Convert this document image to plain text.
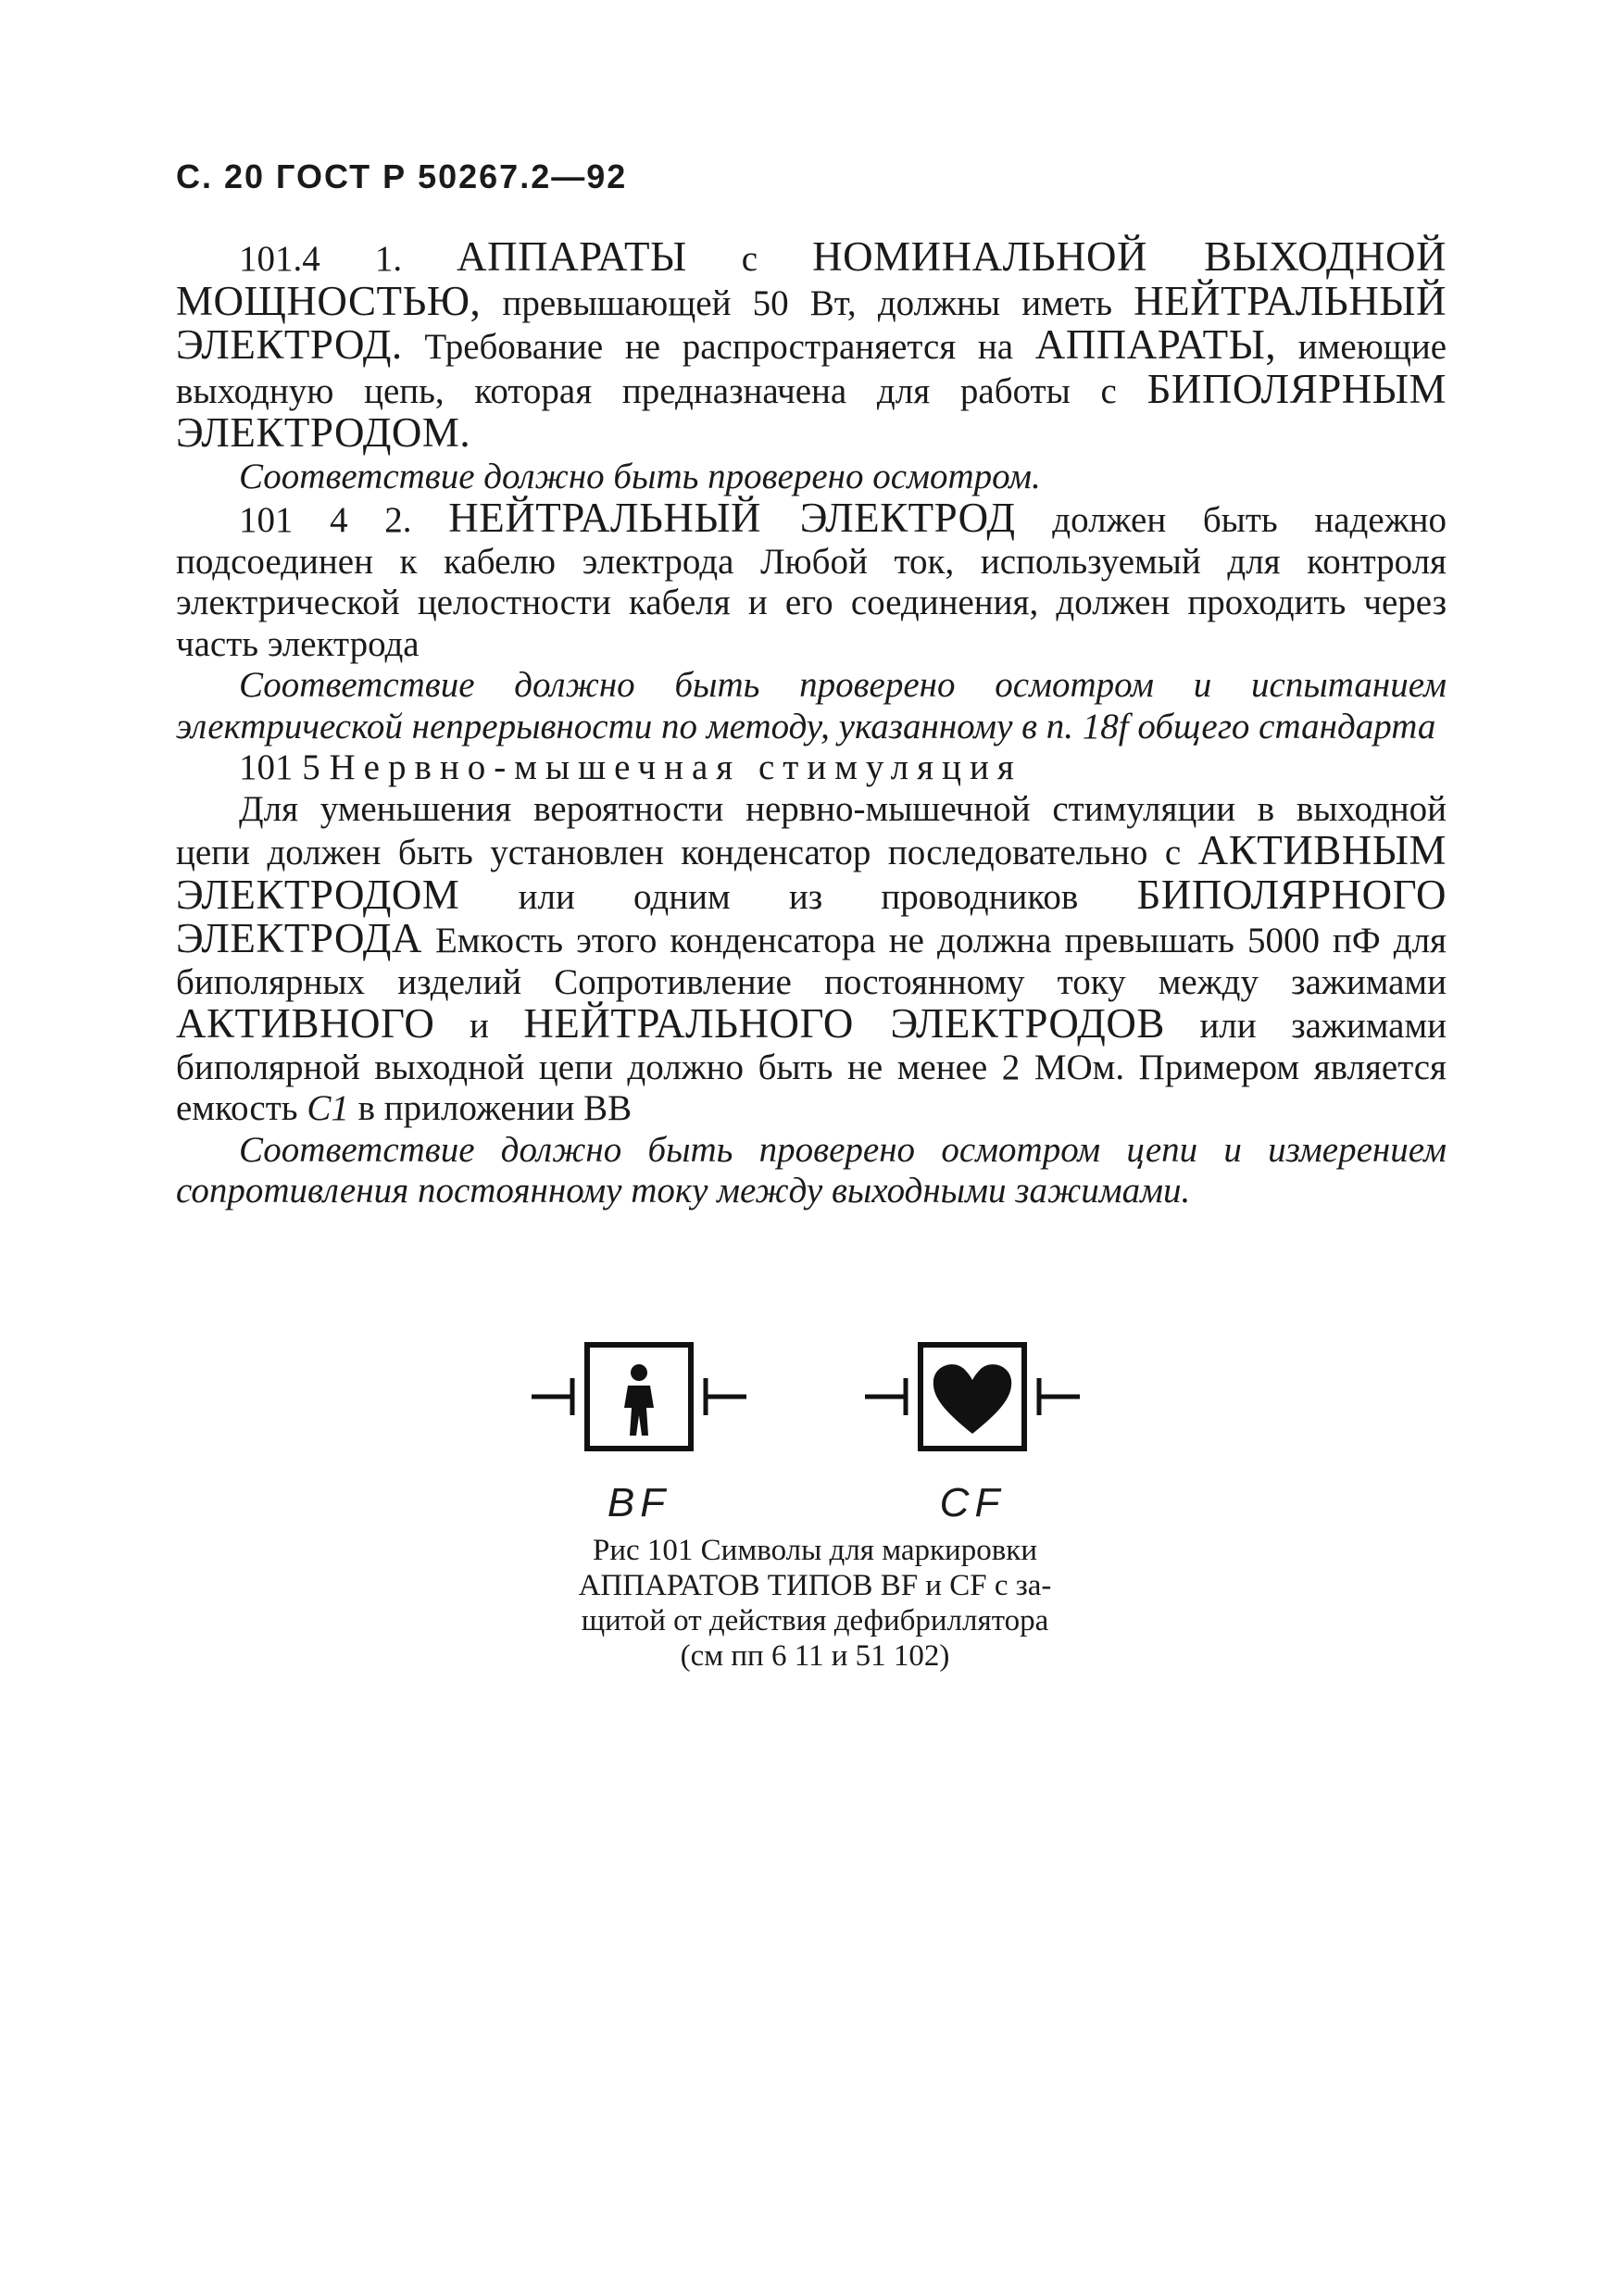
С. 20 ГОСТ Р 50267.2—92

101.4 1. АППАРАТЫ с НОМИНАЛЬНОЙ ВЫХОДНОЙ МОЩНОСТЬЮ, превышающей 50 Вт, должны иметь НЕЙТРАЛЬНЫЙ ЭЛЕКТРОД. Требование не распространяется на АППАРАТЫ, имеющие выходную цепь, которая предназначена для работы с БИПОЛЯРНЫМ ЭЛЕКТРОДОМ.

Соответствие должно быть проверено осмотром.

101 4 2. НЕЙТРАЛЬНЫЙ ЭЛЕКТРОД должен быть надежно подсоединен к кабелю электрода Любой ток, используемый для контроля электрической целостности кабеля и его соединения, должен проходить через часть электрода

Соответствие должно быть проверено осмотром и испытанием электрической непрерывности по методу, указанному в п. 18f общего стандарта

101 5 Нервно-мышечная стимуляция

Для уменьшения вероятности нервно-мышечной стимуляции в выходной цепи должен быть установлен конденсатор последовательно с АКТИВНЫМ ЭЛЕКТРОДОМ или одним из проводников БИПОЛЯРНОГО ЭЛЕКТРОДА Емкость этого конденсатора не должна превышать 5000 пФ для биполярных изделий Сопротивление постоянному току между зажимами АКТИВНОГО и НЕЙТРАЛЬНОГО ЭЛЕКТРОДОВ или зажимами биполярной выходной цепи должно быть не менее 2 МОм. Примером является емкость C1 в приложении ВВ

Соответствие должно быть проверено осмотром цепи и измерением сопротивления постоянному току между выходными зажимами.

BF	CF

Рис 101 Символы для маркировки

АППАРАТОВ ТИПОВ BF и CF с за-

щитой от действия дефибриллятора

(см пп 6 11 и 51 102)
